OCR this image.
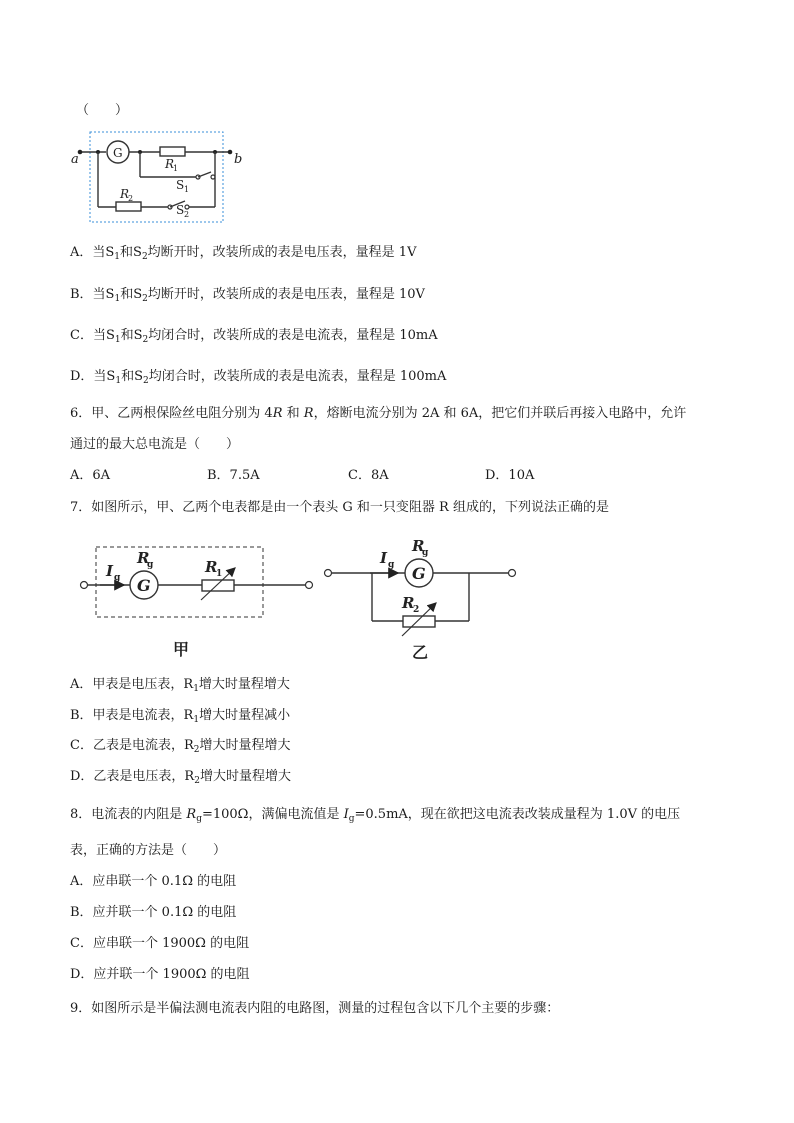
（　　）
a	b
G
R
1
R
2
S 1
S 2
A．当$S_1$和$S_2$均断开时，改装所成的表是电压表，量程是 1V
B．当$S_1$和$S_2$均断开时，改装所成的表是电压表，量程是 10V
C．当$S_1$和$S_2$均闭合时，改装所成的表是电流表，量程是 10mA
D．当$S_1$和$S_2$均闭合时，改装所成的表是电流表，量程是 100mA
6．甲、乙两根保险丝电阻分别为 4R 和 R，熔断电流分别为 2A 和 6A，把它们并联后再接入电路中，允许
通过的最大总电流是（　　）
A．6A	B．7.5A	C．8A	D．10A
7．如图所示，甲、乙两个电表都是由一个表头 G 和一只变阻器 R 组成的，下列说法正确的是
I g
R
g
G
R
1
甲
I g
R
g
G
R
2
乙
A．甲表是电压表，$R_1$增大时量程增大
B．甲表是电流表，$R_1$增大时量程减小
C．乙表是电流表，$R_2$增大时量程增大
D．乙表是电压表，$R_2$增大时量程增大
8．电流表的内阻是 $R_g=100\Omega$，满偏电流值是 $I_g=0.5mA$，现在欲把这电流表改装成量程为 1.0V 的电压
表，正确的方法是（　　）
A．应串联一个 0.1Ω 的电阻
B．应并联一个 0.1Ω 的电阻
C．应串联一个 1900Ω 的电阻
D．应并联一个 1900Ω 的电阻
9．如图所示是半偏法测电流表内阻的电路图，测量的过程包含以下几个主要的步骤：
